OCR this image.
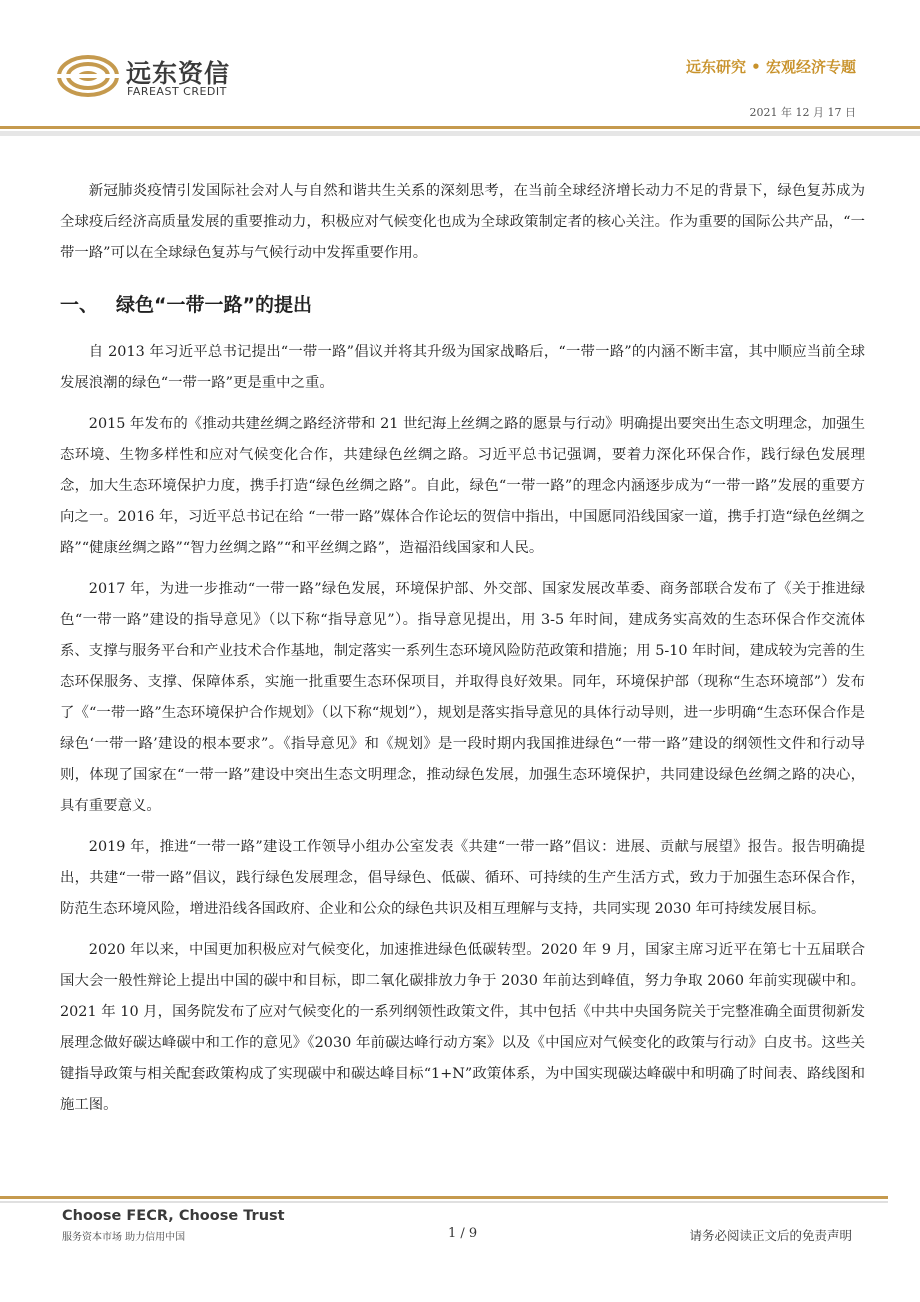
远东资信
FAREAST CREDIT
远东研究 • 宏观经济专题
2021 年 12 月 17 日

新冠肺炎疫情引发国际社会对人与自然和谐共生关系的深刻思考，在当前全球经济增长动力不足的背景下，绿色复苏成为全球疫后经济高质量发展的重要推动力，积极应对气候变化也成为全球政策制定者的核心关注。作为重要的国际公共产品，“一带一路”可以在全球绿色复苏与气候行动中发挥重要作用。

一、 绿色“一带一路”的提出

自 2013 年习近平总书记提出“一带一路”倡议并将其升级为国家战略后，“一带一路”的内涵不断丰富，其中顺应当前全球发展浪潮的绿色“一带一路”更是重中之重。

2015 年发布的《推动共建丝绸之路经济带和 21 世纪海上丝绸之路的愿景与行动》明确提出要突出生态文明理念，加强生态环境、生物多样性和应对气候变化合作，共建绿色丝绸之路。习近平总书记强调，要着力深化环保合作，践行绿色发展理念，加大生态环境保护力度，携手打造“绿色丝绸之路”。自此，绿色“一带一路”的理念内涵逐步成为“一带一路”发展的重要方向之一。2016 年，习近平总书记在给 “一带一路”媒体合作论坛的贺信中指出，中国愿同沿线国家一道，携手打造“绿色丝绸之路”“健康丝绸之路”“智力丝绸之路”“和平丝绸之路”，造福沿线国家和人民。

2017 年，为进一步推动“一带一路”绿色发展，环境保护部、外交部、国家发展改革委、商务部联合发布了《关于推进绿色“一带一路”建设的指导意见》（以下称“指导意见”）。指导意见提出，用 3-5 年时间，建成务实高效的生态环保合作交流体系、支撑与服务平台和产业技术合作基地，制定落实一系列生态环境风险防范政策和措施；用 5-10 年时间，建成较为完善的生态环保服务、支撑、保障体系，实施一批重要生态环保项目，并取得良好效果。同年，环境保护部（现称“生态环境部”）发布了《“一带一路”生态环境保护合作规划》（以下称“规划”），规划是落实指导意见的具体行动导则，进一步明确“生态环保合作是绿色‘一带一路’建设的根本要求”。《指导意见》和《规划》是一段时期内我国推进绿色“一带一路”建设的纲领性文件和行动导则，体现了国家在“一带一路”建设中突出生态文明理念，推动绿色发展，加强生态环境保护，共同建设绿色丝绸之路的决心，具有重要意义。

2019 年，推进“一带一路”建设工作领导小组办公室发表《共建“一带一路”倡议：进展、贡献与展望》报告。报告明确提出，共建“一带一路”倡议，践行绿色发展理念，倡导绿色、低碳、循环、可持续的生产生活方式，致力于加强生态环保合作，防范生态环境风险，增进沿线各国政府、企业和公众的绿色共识及相互理解与支持，共同实现 2030 年可持续发展目标。

2020 年以来，中国更加积极应对气候变化，加速推进绿色低碳转型。2020 年 9 月，国家主席习近平在第七十五届联合国大会一般性辩论上提出中国的碳中和目标，即二氧化碳排放力争于 2030 年前达到峰值，努力争取 2060 年前实现碳中和。2021 年 10 月，国务院发布了应对气候变化的一系列纲领性政策文件，其中包括《中共中央国务院关于完整准确全面贯彻新发展理念做好碳达峰碳中和工作的意见》《2030 年前碳达峰行动方案》以及《中国应对气候变化的政策与行动》白皮书。这些关键指导政策与相关配套政策构成了实现碳中和碳达峰目标“1+N”政策体系，为中国实现碳达峰碳中和明确了时间表、路线图和施工图。

Choose FECR, Choose Trust
服务资本市场 助力信用中国	1 / 9	请务必阅读正文后的免责声明
